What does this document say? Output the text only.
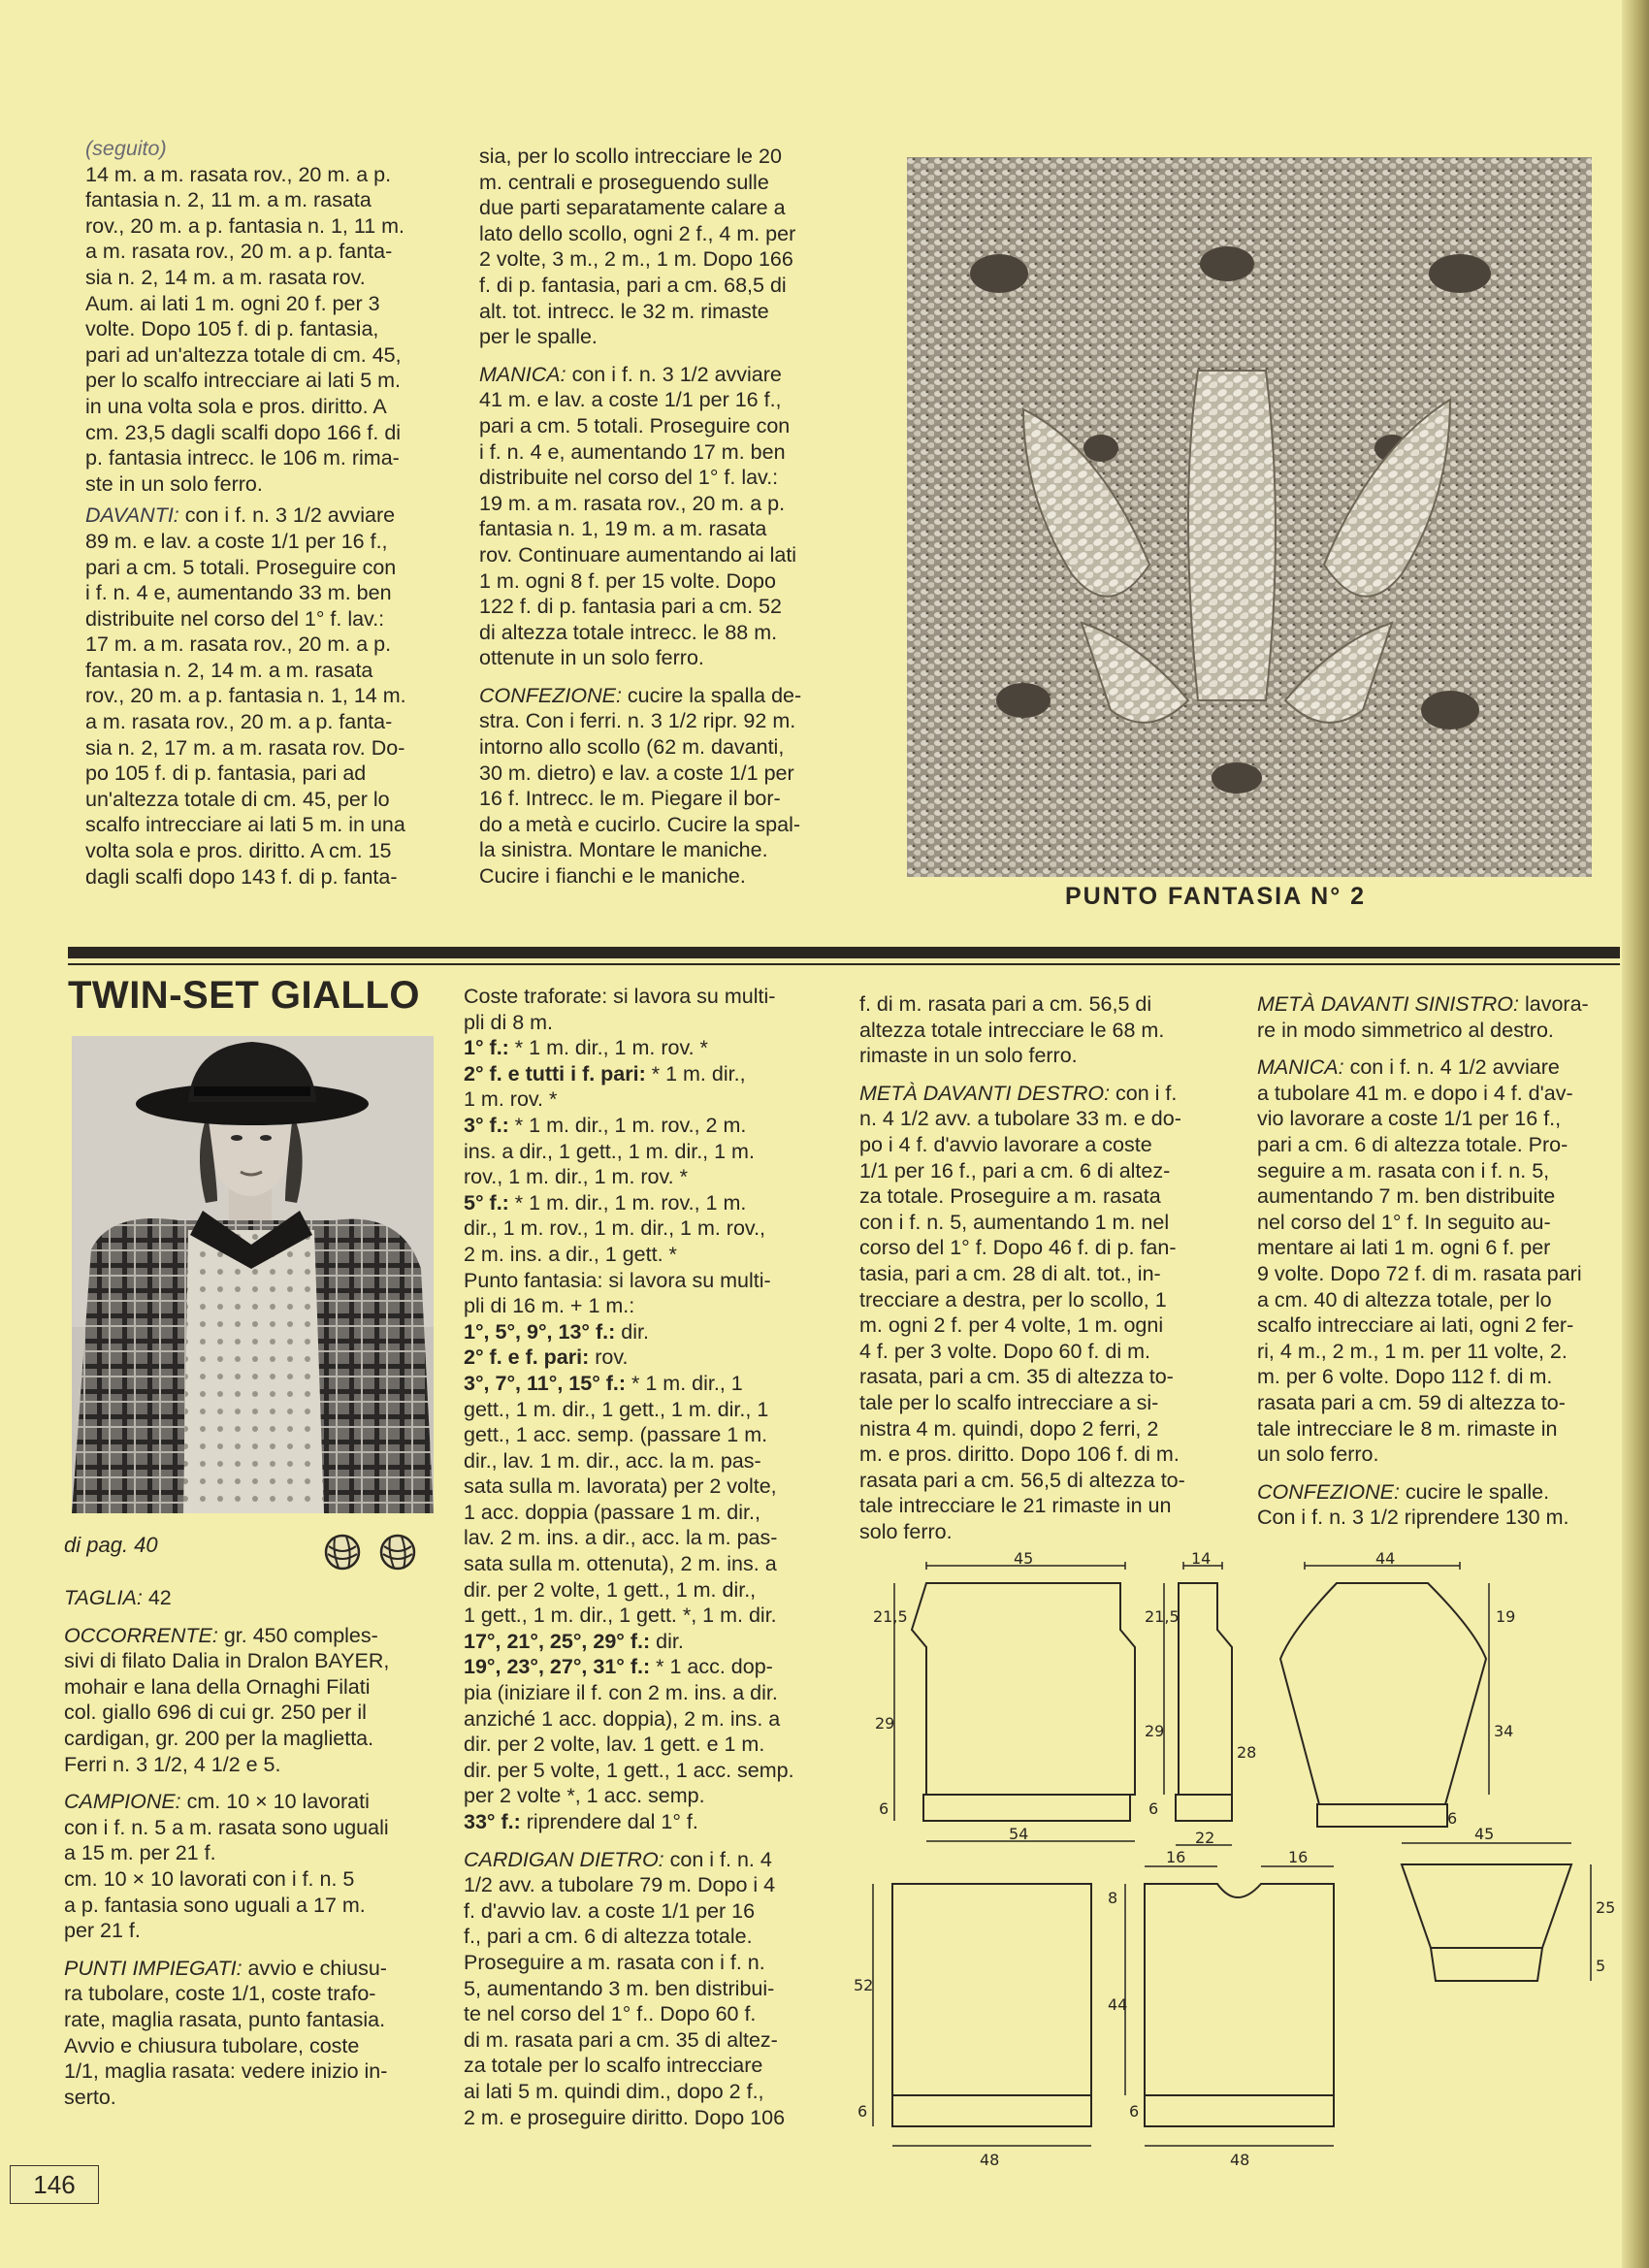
(seguito)
14 m. a m. rasata rov., 20 m. a p.
fantasia n. 2, 11 m. a m. rasata
rov., 20 m. a p. fantasia n. 1, 11 m.
a m. rasata rov., 20 m. a p. fanta-
sia n. 2, 14 m. a m. rasata rov.
Aum. ai lati 1 m. ogni 20 f. per 3
volte. Dopo 105 f. di p. fantasia,
pari ad un'altezza totale di cm. 45,
per lo scalfo intrecciare ai lati 5 m.
in una volta sola e pros. diritto. A
cm. 23,5 dagli scalfi dopo 166 f. di
p. fantasia intrecc. le 106 m. rima-
ste in un solo ferro.
DAVANTI: con i f. n. 3 1/2 avviare
89 m. e lav. a coste 1/1 per 16 f.,
pari a cm. 5 totali. Proseguire con
i f. n. 4 e, aumentando 33 m. ben
distribuite nel corso del 1° f. lav.:
17 m. a m. rasata rov., 20 m. a p.
fantasia n. 2, 14 m. a m. rasata
rov., 20 m. a p. fantasia n. 1, 14 m.
a m. rasata rov., 20 m. a p. fanta-
sia n. 2, 17 m. a m. rasata rov. Do-
po 105 f. di p. fantasia, pari ad
un'altezza totale di cm. 45, per lo
scalfo intrecciare ai lati 5 m. in una
volta sola e pros. diritto. A cm. 15
dagli scalfi dopo 143 f. di p. fanta-
sia, per lo scollo intrecciare le 20
m. centrali e proseguendo sulle
due parti separatamente calare a
lato dello scollo, ogni 2 f., 4 m. per
2 volte, 3 m., 2 m., 1 m. Dopo 166
f. di p. fantasia, pari a cm. 68,5 di
alt. tot. intrecc. le 32 m. rimaste
per le spalle.
MANICA: con i f. n. 3 1/2 avviare
41 m. e lav. a coste 1/1 per 16 f.,
pari a cm. 5 totali. Proseguire con
i f. n. 4 e, aumentando 17 m. ben
distribuite nel corso del 1° f. lav.:
19 m. a m. rasata rov., 20 m. a p.
fantasia n. 1, 19 m. a m. rasata
rov. Continuare aumentando ai lati
1 m. ogni 8 f. per 15 volte. Dopo
122 f. di p. fantasia pari a cm. 52
di altezza totale intrecc. le 88 m.
ottenute in un solo ferro.
CONFEZIONE: cucire la spalla de-
stra. Con i ferri. n. 3 1/2 ripr. 92 m.
intorno allo scollo (62 m. davanti,
30 m. dietro) e lav. a coste 1/1 per
16 f. Intrecc. le m. Piegare il bor-
do a metà e cucirlo. Cucire la spal-
la sinistra. Montare le maniche.
Cucire i fianchi e le maniche.
PUNTO FANTASIA N° 2
TWIN-SET GIALLO
di pag. 40
TAGLIA: 42
OCCORRENTE: gr. 450 comples-
sivi di filato Dalia in Dralon BAYER,
mohair e lana della Ornaghi Filati
col. giallo 696 di cui gr. 250 per il
cardigan, gr. 200 per la maglietta.
Ferri n. 3 1/2, 4 1/2 e 5.
CAMPIONE: cm. 10 × 10 lavorati
con i f. n. 5 a m. rasata sono uguali
a 15 m. per 21 f.
cm. 10 × 10 lavorati con i f. n. 5
a p. fantasia sono uguali a 17 m.
per 21 f.
PUNTI IMPIEGATI: avvio e chiusu-
ra tubolare, coste 1/1, coste trafo-
rate, maglia rasata, punto fantasia.
Avvio e chiusura tubolare, coste
1/1, maglia rasata: vedere inizio in-
serto.
Coste traforate: si lavora su multi-
pli di 8 m.
1° f.: * 1 m. dir., 1 m. rov. *
2° f. e tutti i f. pari: * 1 m. dir.,
1 m. rov. *
3° f.: * 1 m. dir., 1 m. rov., 2 m.
ins. a dir., 1 gett., 1 m. dir., 1 m.
rov., 1 m. dir., 1 m. rov. *
5° f.: * 1 m. dir., 1 m. rov., 1 m.
dir., 1 m. rov., 1 m. dir., 1 m. rov.,
2 m. ins. a dir., 1 gett. *
Punto fantasia: si lavora su multi-
pli di 16 m. + 1 m.:
1°, 5°, 9°, 13° f.: dir.
2° f. e f. pari: rov.
3°, 7°, 11°, 15° f.: * 1 m. dir., 1
gett., 1 m. dir., 1 gett., 1 m. dir., 1
gett., 1 acc. semp. (passare 1 m.
dir., lav. 1 m. dir., acc. la m. pas-
sata sulla m. lavorata) per 2 volte,
1 acc. doppia (passare 1 m. dir.,
lav. 2 m. ins. a dir., acc. la m. pas-
sata sulla m. ottenuta), 2 m. ins. a
dir. per 2 volte, 1 gett., 1 m. dir.,
1 gett., 1 m. dir., 1 gett. *, 1 m. dir.
17°, 21°, 25°, 29° f.: dir.
19°, 23°, 27°, 31° f.: * 1 acc. dop-
pia (iniziare il f. con 2 m. ins. a dir.
anziché 1 acc. doppia), 2 m. ins. a
dir. per 2 volte, lav. 1 gett. e 1 m.
dir. per 5 volte, 1 gett., 1 acc. semp.
per 2 volte *, 1 acc. semp.
33° f.: riprendere dal 1° f.
CARDIGAN DIETRO: con i f. n. 4
1/2 avv. a tubolare 79 m. Dopo i 4
f. d'avvio lav. a coste 1/1 per 16
f., pari a cm. 6 di altezza totale.
Proseguire a m. rasata con i f. n.
5, aumentando 3 m. ben distribui-
te nel corso del 1° f.. Dopo 60 f.
di m. rasata pari a cm. 35 di altez-
za totale per lo scalfo intrecciare
ai lati 5 m. quindi dim., dopo 2 f.,
2 m. e proseguire diritto. Dopo 106
f. di m. rasata pari a cm. 56,5 di
altezza totale intrecciare le 68 m.
rimaste in un solo ferro.
METÀ DAVANTI DESTRO: con i f.
n. 4 1/2 avv. a tubolare 33 m. e do-
po i 4 f. d'avvio lavorare a coste
1/1 per 16 f., pari a cm. 6 di altez-
za totale. Proseguire a m. rasata
con i f. n. 5, aumentando 1 m. nel
corso del 1° f. Dopo 46 f. di p. fan-
tasia, pari a cm. 28 di alt. tot., in-
trecciare a destra, per lo scollo, 1
m. ogni 2 f. per 4 volte, 1 m. ogni
4 f. per 3 volte. Dopo 60 f. di m.
rasata, pari a cm. 35 di altezza to-
tale per lo scalfo intrecciare a si-
nistra 4 m. quindi, dopo 2 ferri, 2
m. e pros. diritto. Dopo 106 f. di m.
rasata pari a cm. 56,5 di altezza to-
tale intrecciare le 21 rimaste in un
solo ferro.
METÀ DAVANTI SINISTRO: lavora-
re in modo simmetrico al destro.
MANICA: con i f. n. 4 1/2 avviare
a tubolare 41 m. e dopo i 4 f. d'av-
vio lavorare a coste 1/1 per 16 f.,
pari a cm. 6 di altezza totale. Pro-
seguire a m. rasata con i f. n. 5,
aumentando 7 m. ben distribuite
nel corso del 1° f. In seguito au-
mentare ai lati 1 m. ogni 6 f. per
9 volte. Dopo 72 f. di m. rasata pari
a cm. 40 di altezza totale, per lo
scalfo intrecciare ai lati, ogni 2 fer-
ri, 4 m., 2 m., 1 m. per 11 volte, 2.
m. per 6 volte. Dopo 112 f. di m.
rasata pari a cm. 59 di altezza to-
tale intrecciare le 8 m. rimaste in
un solo ferro.
CONFEZIONE: cucire le spalle.
Con i f. n. 3 1/2 riprendere 130 m.
45	14	44
21,5
29
6
21,5
29
28
6
19
34
6
54	22
52
6
48
16	16
8
44
6
48
45
25
5
146
